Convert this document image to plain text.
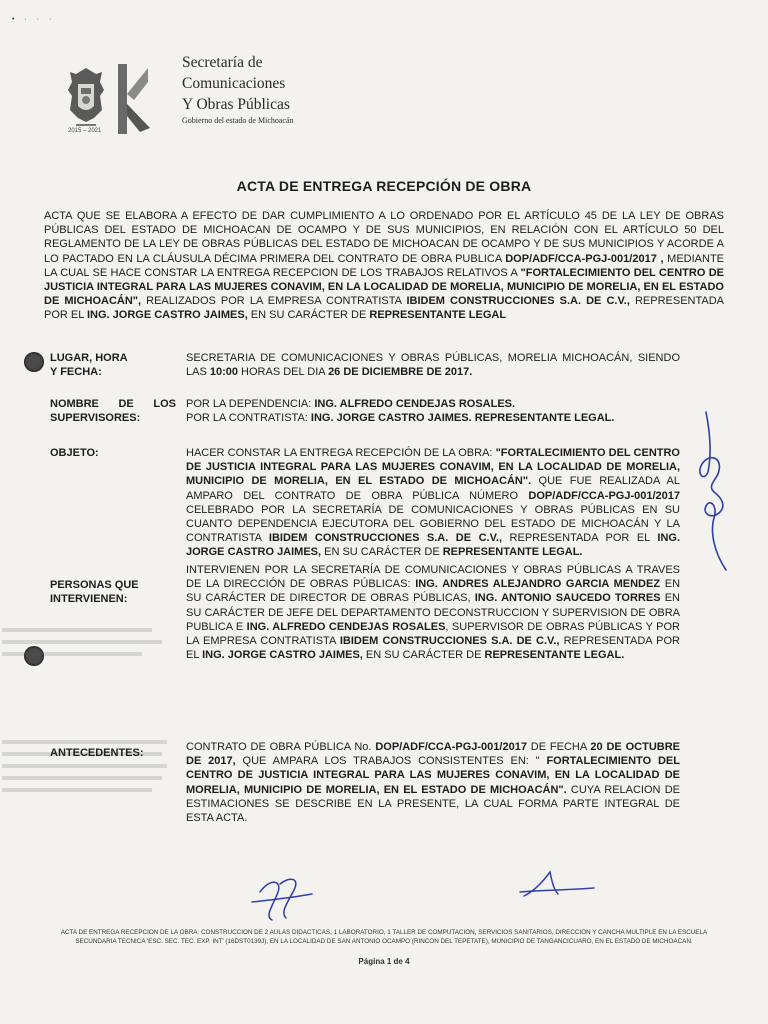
• · · ·
2015 – 2021
Secretaría de
Comunicaciones
Y Obras Públicas
Gobierno del estado de Michoacán
ACTA DE ENTREGA RECEPCIÓN DE OBRA
ACTA QUE SE ELABORA A EFECTO DE DAR CUMPLIMIENTO A LO ORDENADO POR EL ARTÍCULO 45 DE LA LEY DE OBRAS PÚBLICAS DEL ESTADO DE MICHOACAN DE OCAMPO Y DE SUS MUNICIPIOS, EN RELACIÓN CON EL ARTÍCULO 50 DEL REGLAMENTO DE LA LEY DE OBRAS PÚBLICAS DEL ESTADO DE MICHOACAN DE OCAMPO Y DE SUS MUNICIPIOS Y ACORDE A LO PACTADO EN LA CLÁUSULA DÉCIMA PRIMERA DEL CONTRATO DE OBRA PUBLICA DOP/ADF/CCA-PGJ-001/2017 , MEDIANTE LA CUAL SE HACE CONSTAR LA ENTREGA RECEPCION DE LOS TRABAJOS RELATIVOS A "FORTALECIMIENTO DEL CENTRO DE JUSTICIA INTEGRAL PARA LAS MUJERES CONAVIM, EN LA LOCALIDAD DE MORELIA, MUNICIPIO DE MORELIA, EN EL ESTADO DE MICHOACÁN", REALIZADOS POR LA EMPRESA CONTRATISTA IBIDEM CONSTRUCCIONES S.A. DE C.V., REPRESENTADA POR EL ING. JORGE CASTRO JAIMES, EN SU CARÁCTER DE REPRESENTANTE LEGAL
LUGAR, HORA
Y FECHA:
SECRETARIA DE COMUNICACIONES Y OBRAS PÚBLICAS, MORELIA MICHOACÁN, SIENDO LAS 10:00 HORAS DEL DIA 26 DE DICIEMBRE DE 2017.
NOMBRE DE LOS
SUPERVISORES:
POR LA DEPENDENCIA: ING. ALFREDO CENDEJAS ROSALES.
POR LA CONTRATISTA: ING. JORGE CASTRO JAIMES. REPRESENTANTE LEGAL.
OBJETO:	HACER CONSTAR LA ENTREGA RECEPCIÓN DE LA OBRA: "FORTALECIMIENTO DEL CENTRO DE JUSTICIA INTEGRAL PARA LAS MUJERES CONAVIM, EN LA LOCALIDAD DE MORELIA, MUNICIPIO DE MORELIA, EN EL ESTADO DE MICHOACÁN". QUE FUE REALIZADA AL AMPARO DEL CONTRATO DE OBRA PÚBLICA NÚMERO DOP/ADF/CCA-PGJ-001/2017 CELEBRADO POR LA SECRETARÍA DE COMUNICACIONES Y OBRAS PÚBLICAS EN SU CUANTO DEPENDENCIA EJECUTORA DEL GOBIERNO DEL ESTADO DE MICHOACÁN Y LA CONTRATISTA IBIDEM CONSTRUCCIONES S.A. DE C.V., REPRESENTADA POR EL ING. JORGE CASTRO JAIMES, EN SU CARÁCTER DE REPRESENTANTE LEGAL.
PERSONAS QUE
INTERVIENEN:
INTERVIENEN POR LA SECRETARÍA DE COMUNICACIONES Y OBRAS PÚBLICAS A TRAVES DE LA DIRECCIÓN DE OBRAS PÚBLICAS: ING. ANDRES ALEJANDRO GARCIA MENDEZ EN SU CARÁCTER DE DIRECTOR DE OBRAS PÚBLICAS, ING. ANTONIO SAUCEDO TORRES EN SU CARÁCTER DE JEFE DEL DEPARTAMENTO DECONSTRUCCION Y SUPERVISION DE OBRA PUBLICA E ING. ALFREDO CENDEJAS ROSALES, SUPERVISOR DE OBRAS PÚBLICAS Y POR LA EMPRESA CONTRATISTA IBIDEM CONSTRUCCIONES S.A. DE C.V., REPRESENTADA POR EL ING. JORGE CASTRO JAIMES, EN SU CARÁCTER DE REPRESENTANTE LEGAL.
ANTECEDENTES:	CONTRATO DE OBRA PÚBLICA No. DOP/ADF/CCA-PGJ-001/2017 DE FECHA 20 DE OCTUBRE DE 2017, QUE AMPARA LOS TRABAJOS CONSISTENTES EN: " FORTALECIMIENTO DEL CENTRO DE JUSTICIA INTEGRAL PARA LAS MUJERES CONAVIM, EN LA LOCALIDAD DE MORELIA, MUNICIPIO DE MORELIA, EN EL ESTADO DE MICHOACÁN". CUYA RELACION DE ESTIMACIONES SE DESCRIBE EN LA PRESENTE, LA CUAL FORMA PARTE INTEGRAL DE ESTA ACTA.
ACTA DE ENTREGA RECEPCION DE LA OBRA: CONSTRUCCION DE 2 AULAS DIDACTICAS, 1 LABORATORIO, 1 TALLER DE COMPUTACION, SERVICIOS SANITARIOS, DIRECCION Y CANCHA MULTIPLE EN LA ESCUELA SECUNDARIA TECNICA 'ESC. SEC. TEC. EXP. INT' (16DST0139J), EN LA LOCALIDAD DE SAN ANTONIO OCAMPO (RINCON DEL TEPETATE), MUNICIPIO DE TANGANCICUARO, EN EL ESTADO DE MICHOACAN.
Página 1 de 4
